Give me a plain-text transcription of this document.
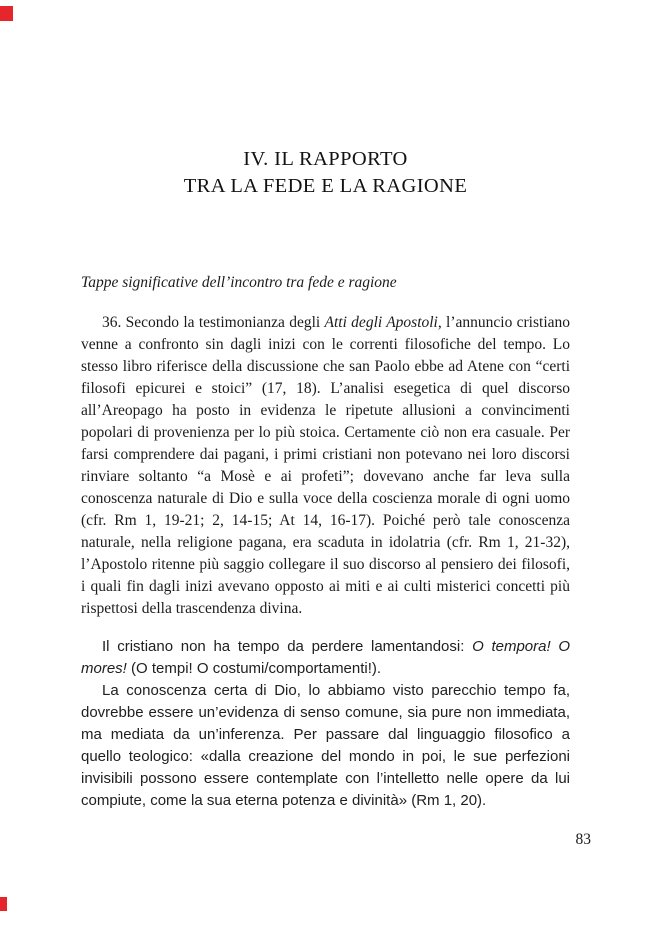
IV. IL RAPPORTO
TRA LA FEDE E LA RAGIONE
Tappe significative dell’incontro tra fede e ragione

36. Secondo la testimonianza degli Atti degli Apostoli, l’annuncio cristiano venne a confronto sin dagli inizi con le correnti filosofiche del tempo. Lo stesso libro riferisce della discussione che san Paolo ebbe ad Atene con “certi filosofi epicurei e stoici” (17, 18). L’analisi esegetica di quel discorso all’Areopago ha posto in evidenza le ripetute allusioni a convincimenti popolari di provenienza per lo più stoica. Certamente ciò non era casuale. Per farsi comprendere dai pagani, i primi cristiani non potevano nei loro discorsi rinviare soltanto “a Mosè e ai profeti”; dovevano anche far leva sulla conoscenza naturale di Dio e sulla voce della coscienza morale di ogni uomo (cfr. Rm 1, 19-21; 2, 14-15; At 14, 16-17). Poiché però tale conoscenza naturale, nella religione pagana, era scaduta in idolatria (cfr. Rm 1, 21-32), l’Apostolo ritenne più saggio collegare il suo discorso al pensiero dei filosofi, i quali fin dagli inizi avevano opposto ai miti e ai culti misterici concetti più rispettosi della trascendenza divina.

Il cristiano non ha tempo da perdere lamentandosi: O tempora! O mores! (O tempi! O costumi/comportamenti!).

La conoscenza certa di Dio, lo abbiamo visto parecchio tempo fa, dovrebbe essere un’evidenza di senso comune, sia pure non immediata, ma mediata da un’inferenza. Per passare dal linguaggio filosofico a quello teologico: «dalla creazione del mondo in poi, le sue perfezioni invisibili possono essere contemplate con l’intelletto nelle opere da lui compiute, come la sua eterna potenza e divinità» (Rm 1, 20).

83
